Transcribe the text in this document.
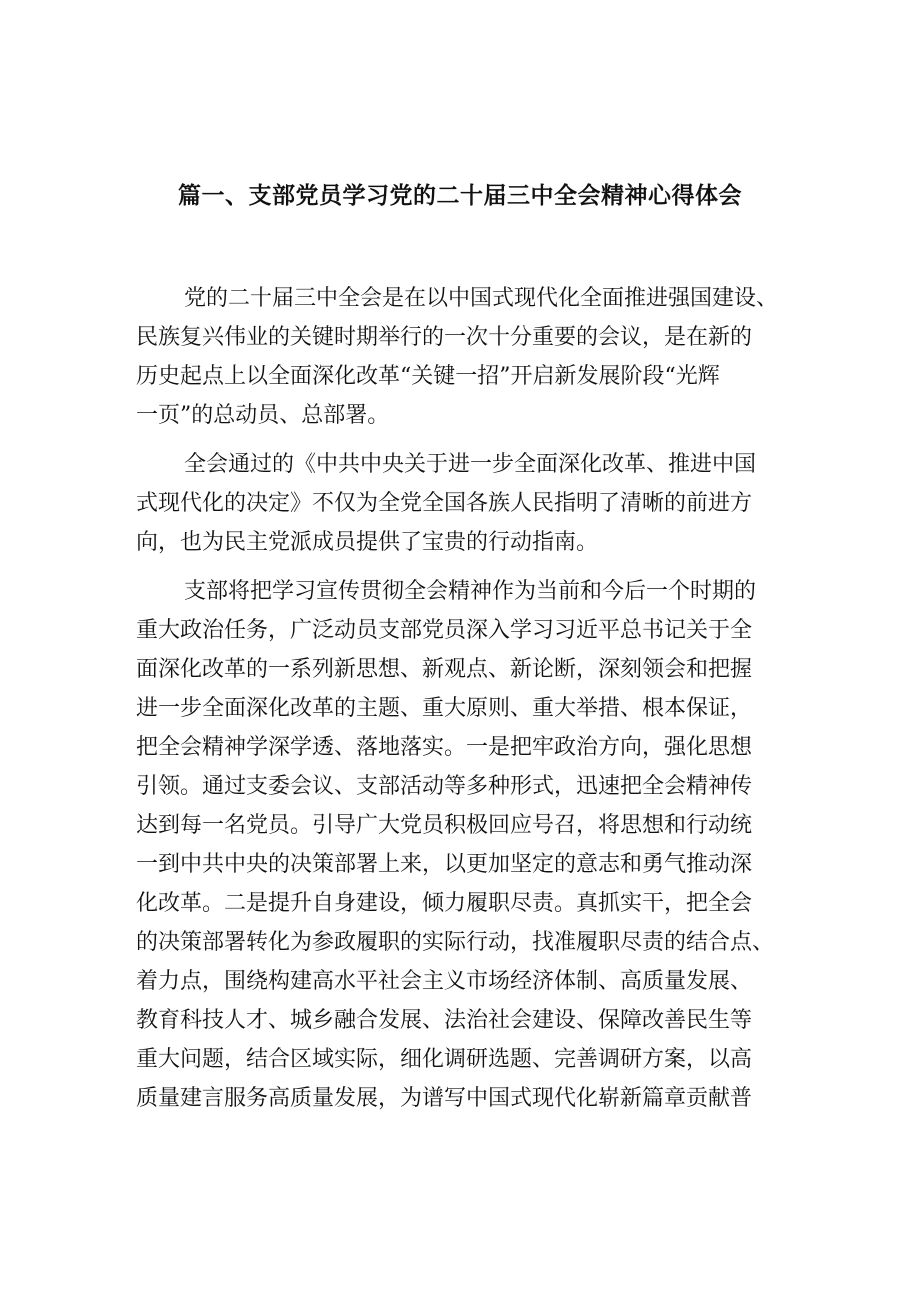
篇一、支部党员学习党的二十届三中全会精神心得体会
党的二十届三中全会是在以中国式现代化全面推进强国建设、
民族复兴伟业的关键时期举行的一次十分重要的会议，是在新的
历史起点上以全面深化改革“关键一招”开启新发展阶段“光辉
一页”的总动员、总部署。
全会通过的《中共中央关于进一步全面深化改革、推进中国
式现代化的决定》不仅为全党全国各族人民指明了清晰的前进方
向，也为民主党派成员提供了宝贵的行动指南。
支部将把学习宣传贯彻全会精神作为当前和今后一个时期的
重大政治任务，广泛动员支部党员深入学习习近平总书记关于全
面深化改革的一系列新思想、新观点、新论断，深刻领会和把握
进一步全面深化改革的主题、重大原则、重大举措、根本保证，
把全会精神学深学透、落地落实。一是把牢政治方向，强化思想
引领。通过支委会议、支部活动等多种形式，迅速把全会精神传
达到每一名党员。引导广大党员积极回应号召，将思想和行动统
一到中共中央的决策部署上来，以更加坚定的意志和勇气推动深
化改革。二是提升自身建设，倾力履职尽责。真抓实干，把全会
的决策部署转化为参政履职的实际行动，找准履职尽责的结合点、
着力点，围绕构建高水平社会主义市场经济体制、高质量发展、
教育科技人才、城乡融合发展、法治社会建设、保障改善民生等
重大问题，结合区域实际，细化调研选题、完善调研方案，以高
质量建言服务高质量发展，为谱写中国式现代化崭新篇章贡献普
